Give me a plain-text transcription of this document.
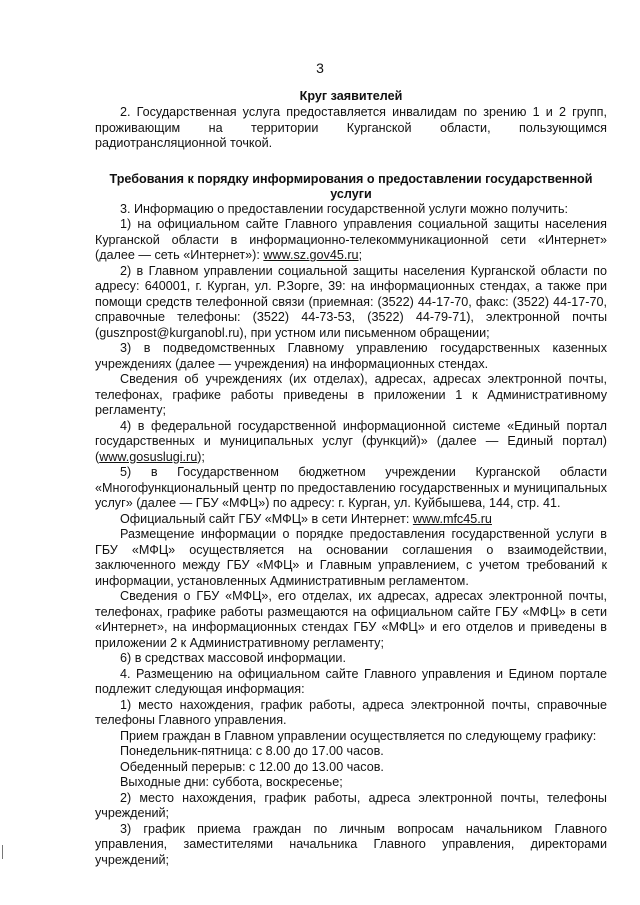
3
Круг заявителей

2. Государственная услуга предоставляется инвалидам по зрению 1 и 2 групп, проживающим на территории Курганской области, пользующимся радиотрансляционной точкой.

Требования к порядку информирования о предоставлении государственной услуги

3. Информацию о предоставлении государственной услуги можно получить:

1) на официальном сайте Главного управления социальной защиты населения Курганской области в информационно-телекоммуникационной сети «Интернет» (далее — сеть «Интернет»): www.sz.gov45.ru;

2) в Главном управлении социальной защиты населения Курганской области по адресу: 640001, г. Курган, ул. Р.Зорге, 39: на информационных стендах, а также при помощи средств телефонной связи (приемная: (3522) 44-17-70, факс: (3522) 44-17-70, справочные телефоны: (3522) 44-73-53, (3522) 44-79-71), электронной почты (gusznpost@kurganobl.ru), при устном или письменном обращении;

3) в подведомственных Главному управлению государственных казенных учреждениях (далее — учреждения) на информационных стендах.

Сведения об учреждениях (их отделах), адресах, адресах электронной почты, телефонах, графике работы приведены в приложении 1 к Административному регламенту;

4) в федеральной государственной информационной системе «Единый портал государственных и муниципальных услуг (функций)» (далее — Единый портал) (www.gosuslugi.ru);

5) в Государственном бюджетном учреждении Курганской области «Многофункциональный центр по предоставлению государственных и муниципальных услуг» (далее — ГБУ «МФЦ») по адресу: г. Курган, ул. Куйбышева, 144, стр. 41.

Официальный сайт ГБУ «МФЦ» в сети Интернет: www.mfc45.ru

Размещение информации о порядке предоставления государственной услуги в ГБУ «МФЦ» осуществляется на основании соглашения о взаимодействии, заключенного между ГБУ «МФЦ» и Главным управлением, с учетом требований к информации, установленных Административным регламентом.

Сведения о ГБУ «МФЦ», его отделах, их адресах, адресах электронной почты, телефонах, графике работы размещаются на официальном сайте ГБУ «МФЦ» в сети «Интернет», на информационных стендах ГБУ «МФЦ» и его отделов и приведены в приложении 2 к Административному регламенту;

6) в средствах массовой информации.

4. Размещению на официальном сайте Главного управления и Едином портале подлежит следующая информация:

1) место нахождения, график работы, адреса электронной почты, справочные телефоны Главного управления.

Прием граждан в Главном управлении осуществляется по следующему графику:

Понедельник-пятница: с 8.00 до 17.00 часов.

Обеденный перерыв: с 12.00 до 13.00 часов.

Выходные дни: суббота, воскресенье;

2) место нахождения, график работы, адреса электронной почты, телефоны учреждений;

3) график приема граждан по личным вопросам начальником Главного управления, заместителями начальника Главного управления, директорами учреждений;
